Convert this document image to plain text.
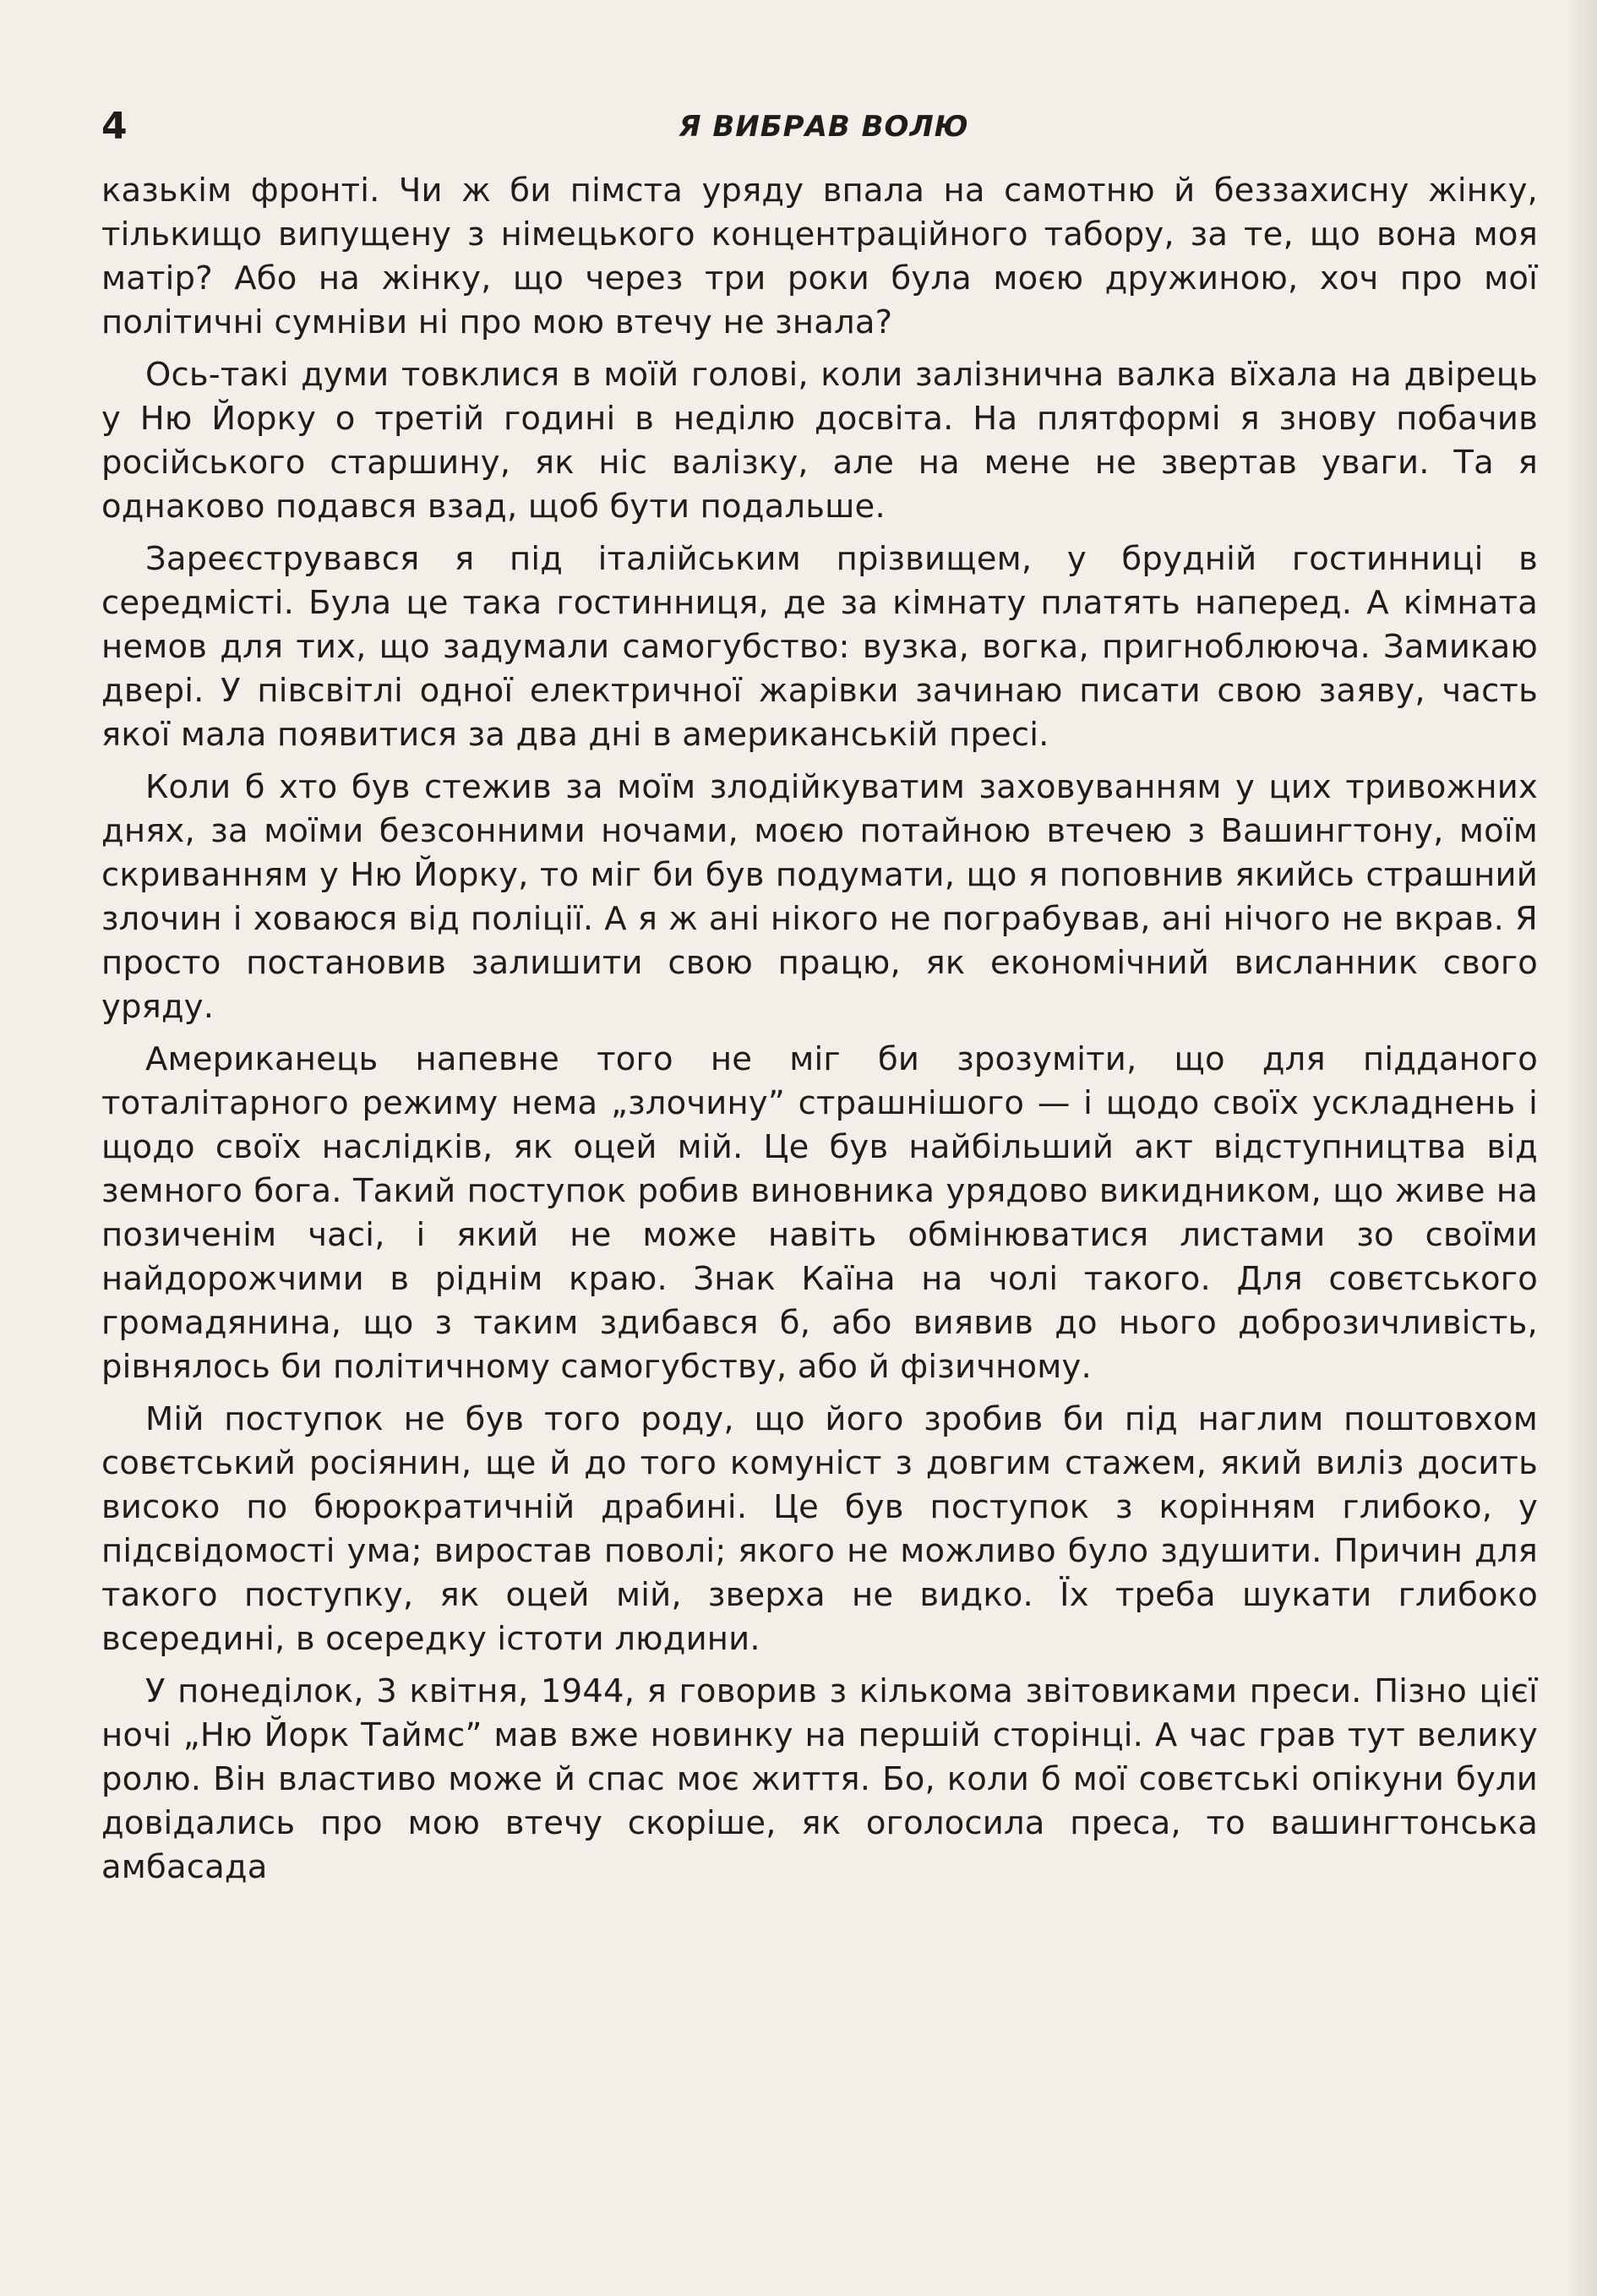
4	Я ВИБРАВ ВОЛЮ

казькім фронті. Чи ж би пімста уряду впала на самотню й беззахисну жінку, тількищо випущену з німецького концентраційного табору, за те, що вона моя матір? Або на жінку, що через три роки була моєю дружиною, хоч про мої політичні сумніви ні про мою втечу не знала?

Ось-такі думи товклися в моїй голові, коли залізнична валка вїхала на двірець у Ню Йорку о третій годині в неділю досвіта. На плятформі я знову побачив російського старшину, як ніс валізку, але на мене не звертав уваги. Та я однаково подався взад, щоб бути подальше.

Зареєструвався я під італійським прізвищем, у брудній гостинниці в середмісті. Була це така гостинниця, де за кімнату платять наперед. А кімната немов для тих, що задумали самогубство: вузка, вогка, пригноблююча. Замикаю двері. У півсвітлі одної електричної жарівки зачинаю писати свою заяву, часть якої мала появитися за два дні в американській пресі.

Коли б хто був стежив за моїм злодійкуватим заховуванням у цих тривожних днях, за моїми безсонними ночами, моєю потайною втечею з Вашингтону, моїм скриванням у Ню Йорку, то міг би був подумати, що я поповнив якийсь страшний злочин і ховаюся від поліції. А я ж ані нікого не пограбував, ані нічого не вкрав. Я просто постановив залишити свою працю, як економічний висланник свого уряду.

Американець напевне того не міг би зрозуміти, що для підданого тоталітарного режиму нема „злочину” страшнішого — і щодо своїх ускладнень і щодо своїх наслідків, як оцей мій. Це був найбільший акт відступництва від земного бога. Такий поступок робив виновника урядово викидником, що живе на позиченім часі, і який не може навіть обмінюватися листами зо своїми найдорожчими в ріднім краю. Знак Каїна на чолі такого. Для совєтського громадянина, що з таким здибався б, або виявив до нього доброзичливість, рівнялось би політичному самогубству, або й фізичному.

Мій поступок не був того роду, що його зробив би під наглим поштовхом совєтський росіянин, ще й до того комуніст з довгим стажем, який виліз досить високо по бюрократичній драбині. Це був поступок з корінням глибоко, у підсвідомості ума; виростав поволі; якого не можливо було здушити. Причин для такого поступку, як оцей мій, зверха не видко. Їх треба шукати глибоко всередині, в осередку істоти людини.

У понеділок, 3 квітня, 1944, я говорив з кількома звітовиками преси. Пізно цієї ночі „Ню Йорк Таймс” мав вже новинку на першій сторінці. А час грав тут велику ролю. Він властиво може й спас моє життя. Бо, коли б мої совєтські опікуни були довідались про мою втечу скоріше, як оголосила преса, то вашингтонська амбасада
